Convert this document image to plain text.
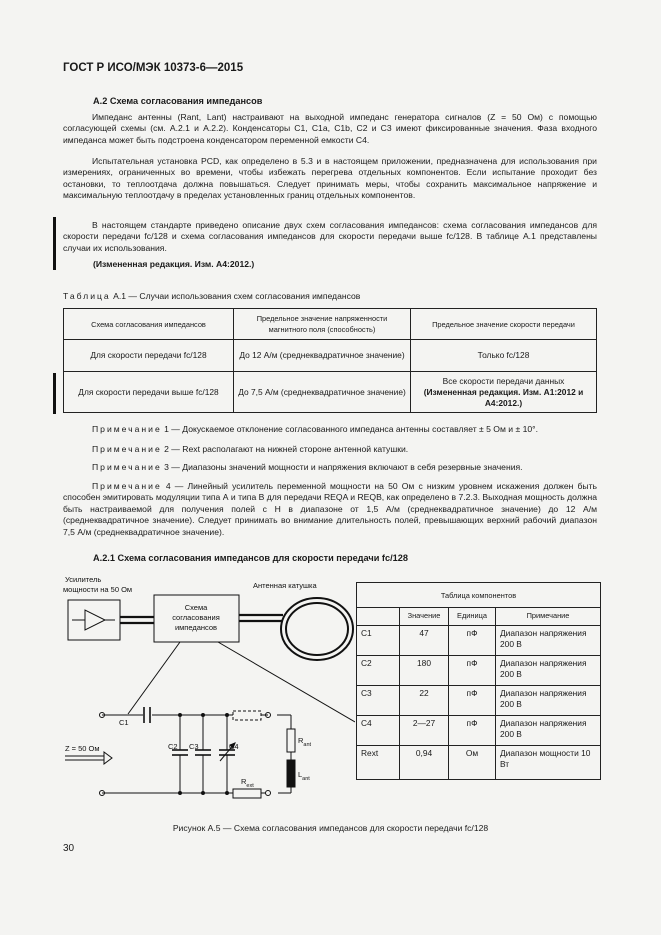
ГОСТ Р ИСО/МЭК 10373-6—2015
А.2 Схема согласования импедансов
Импеданс антенны (Rant, Lant) настраивают на выходной импеданс генератора сигналов (Z = 50 Ом) с помощью согласующей схемы (см. А.2.1 и А.2.2). Конденсаторы С1, С1а, С1b, С2 и С3 имеют фиксированные значения. Фаза входного импеданса может быть подстроена конденсатором переменной емкости С4.
Испытательная установка PCD, как определено в 5.3 и в настоящем приложении, предназначена для использования при измерениях, ограниченных во времени, чтобы избежать перегрева отдельных компонентов. Если испытание проходит без остановки, то теплоотдача должна повышаться. Следует принимать меры, чтобы сохранить максимальное напряжение и максимальную теплоотдачу в пределах установленных границ отдельных компонентов.
В настоящем стандарте приведено описание двух схем согласования импедансов: схема согласования импедансов для скорости передачи fc/128 и схема согласования импедансов для скорости передачи выше fc/128. В таблице А.1 представлены случаи их использования.
(Измененная редакция. Изм. А4:2012.)
Таблица А.1 — Случаи использования схем согласования импедансов
Схема согласования импедансов	Предельное значение напряженности магнитного поля (способность)	Предельное значение скорости передачи
Для скорости передачи fc/128	До 12 А/м (среднеквадратичное значение)	Только fc/128
Для скорости передачи выше fc/128	До 7,5 А/м (среднеквадратичное значение)	Все скорости передачи данных
(Измененная редакция. Изм. А1:2012 и А4:2012.)
Примечание 1 — Докускаемое отклонение согласованного импеданса антенны составляет ± 5 Ом и ± 10°.
Примечание 2 — Rext располагают на нижней стороне антенной катушки.
Примечание 3 — Диапазоны значений мощности и напряжения включают в себя резервные значения.
Примечание 4 — Линейный усилитель переменной мощности на 50 Ом с низким уровнем искажения должен быть способен эмитировать модуляции типа А и типа В для передачи REQA и REQB, как определено в 7.2.3. Выходная мощность должна быть настраиваемой для получения полей с H в диапазоне от 1,5 А/м (среднеквадратичное значение) до 12 А/м (среднеквадратичное значение). Следует принимать во внимание длительность полей, превышающих верхний рабочий диапазон 7,5 А/м (среднеквадратичное значение).
А.2.1 Схема согласования импедансов для скорости передачи fc/128
Усилитель
мощности на 50 Ом	Антенная катушка
Схема
согласования
импедансов
C1
$R_{ant}$
$L_{ant}$
$R_{ext}$
C2 C3	C4
Z = 50 Ом
Таблица компонентов			
	Значение	Единица	Примечание
C1	47	пФ	Диапазон напряжения 200 В
C2	180	пФ	Диапазон напряжения 200 В
C3	22	пФ	Диапазон напряжения 200 В
C4	2—27	пФ	Диапазон напряжения 200 В
Rext	0,94	Ом	Диапазон мощности 10 Вт
Рисунок А.5 — Схема согласования импедансов для скорости передачи fc/128
30
